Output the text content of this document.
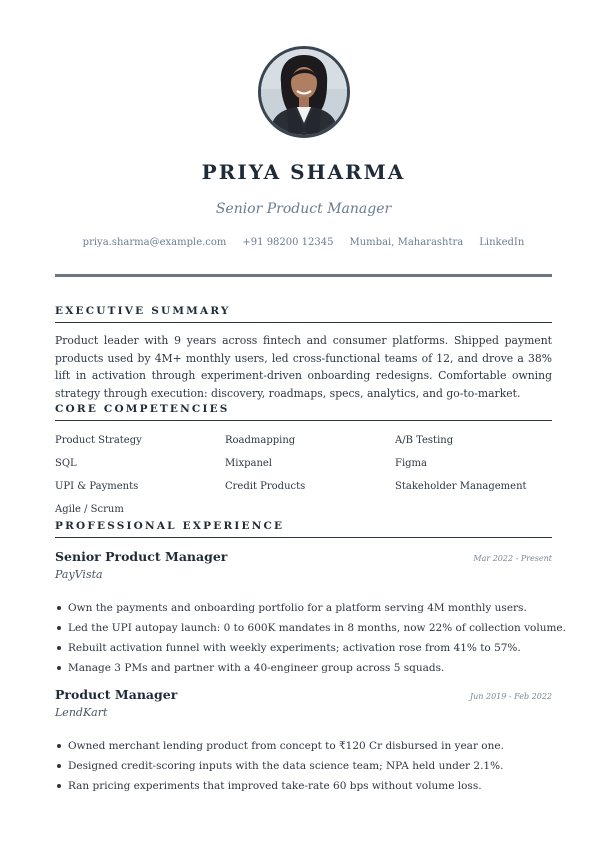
PRIYA SHARMA
Senior Product Manager
priya.sharma@example.com +91 98200 12345 Mumbai, Maharashtra LinkedIn
EXECUTIVE SUMMARY
Product leader with 9 years across fintech and consumer platforms. Shipped payment products used by 4M+ monthly users, led cross-functional teams of 12, and drove a 38% lift in activation through experiment-driven onboarding redesigns. Comfortable owning strategy through execution: discovery, roadmaps, specs, analytics, and go-to-market.
CORE COMPETENCIES
Product Strategy	Roadmapping	A/B Testing
SQL	Mixpanel	Figma
UPI & Payments	Credit Products	Stakeholder Management
Agile / Scrum
PROFESSIONAL EXPERIENCE
Senior Product Manager	Mar 2022 - Present
PayVista
Own the payments and onboarding portfolio for a platform serving 4M monthly users.
Led the UPI autopay launch: 0 to 600K mandates in 8 months, now 22% of collection volume.
Rebuilt activation funnel with weekly experiments; activation rose from 41% to 57%.
Manage 3 PMs and partner with a 40-engineer group across 5 squads.
Product Manager	Jun 2019 - Feb 2022
LendKart
Owned merchant lending product from concept to ₹120 Cr disbursed in year one.
Designed credit-scoring inputs with the data science team; NPA held under 2.1%.
Ran pricing experiments that improved take-rate 60 bps without volume loss.
